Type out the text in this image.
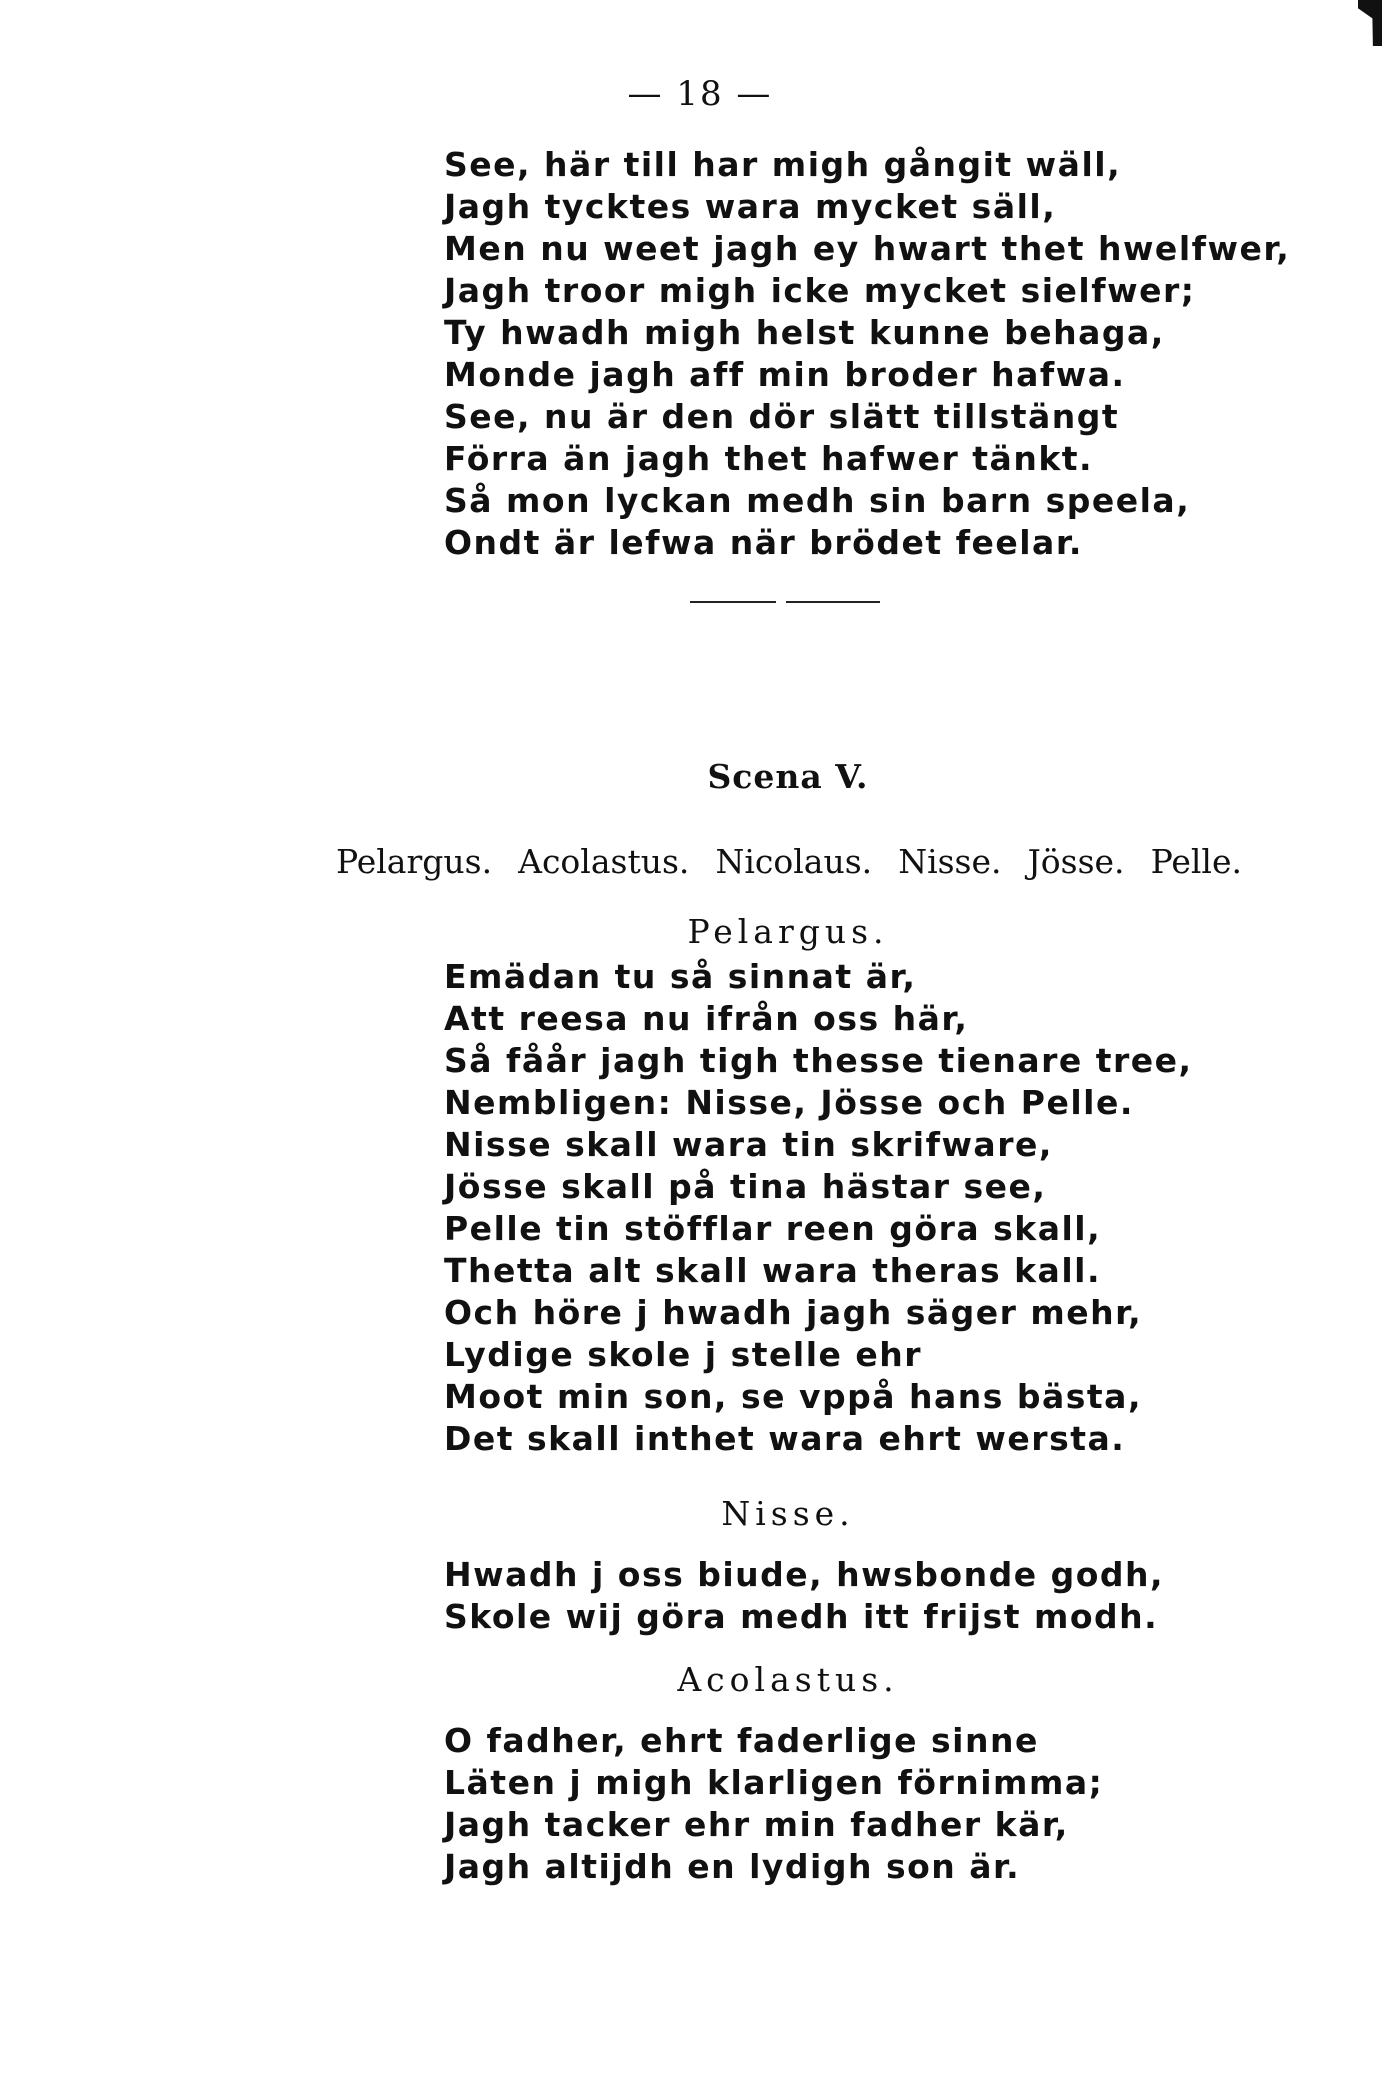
— 18 —
See, här till har migh gångit wäll,
Jagh tycktes wara mycket säll,
Men nu weet jagh ey hwart thet hwelfwer,
Jagh troor migh icke mycket sielfwer;
Ty hwadh migh helst kunne behaga,
Monde jagh aff min broder hafwa.
See, nu är den dör slätt tillstängt
Förra än jagh thet hafwer tänkt.
Så mon lyckan medh sin barn speela,
Ondt är lefwa när brödet feelar.
Scena V.
Pelargus. Acolastus. Nicolaus. Nisse. Jösse. Pelle.
Pelargus.
Emädan tu så sinnat är,
Att reesa nu ifrån oss här,
Så fåår jagh tigh thesse tienare tree,
Nembligen: Nisse, Jösse och Pelle.
Nisse skall wara tin skrifware,
Jösse skall på tina hästar see,
Pelle tin stöfflar reen göra skall,
Thetta alt skall wara theras kall.
Och höre j hwadh jagh säger mehr,
Lydige skole j stelle ehr
Moot min son, se vppå hans bästa,
Det skall inthet wara ehrt wersta.
Nisse.
Hwadh j oss biude, hwsbonde godh,
Skole wij göra medh itt frijst modh.
Acolastus.
O fadher, ehrt faderlige sinne
Läten j migh klarligen förnimma;
Jagh tacker ehr min fadher kär,
Jagh altijdh en lydigh son är.
